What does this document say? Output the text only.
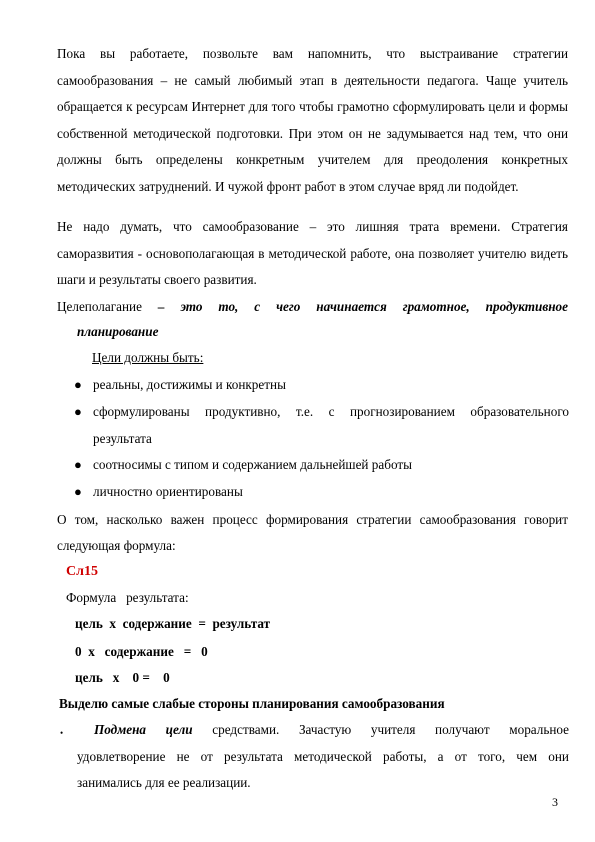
Пока вы работаете, позвольте вам напомнить, что выстраивание стратегии самообразования – не самый любимый этап в деятельности педагога. Чаще учитель обращается к ресурсам Интернет для того чтобы грамотно сформулировать цели и формы собственной методической подготовки. При этом он не задумывается над тем, что они должны быть определены конкретным учителем для преодоления конкретных методических затруднений. И чужой фронт работ в этом случае вряд ли подойдет.
Не надо думать, что самообразование – это лишняя трата времени. Стратегия саморазвития - основополагающая в методической работе, она позволяет учителю видеть шаги и результаты своего развития.
Целеполагание – это то, с чего начинается грамотное, продуктивное
планирование
Цели должны быть:
● реальны, достижимы и конкретны
● сформулированы продуктивно, т.е. с прогнозированием образовательного
результата
● соотносимы с типом и содержанием дальнейшей работы
● личностно ориентированы
О том, насколько важен процесс формирования стратегии самообразования говорит
следующая формула:
Сл15
Формула   результата:
цель  х  содержание  =  результат
0  х   содержание   =   0
цель   х    0 =    0
Выделю самые слабые стороны планирования самообразования
• Подмена цели средствами. Зачастую учителя получают моральное
удовлетворение не от результата методической работы, а от того, чем они
занимались для ее реализации.
3
